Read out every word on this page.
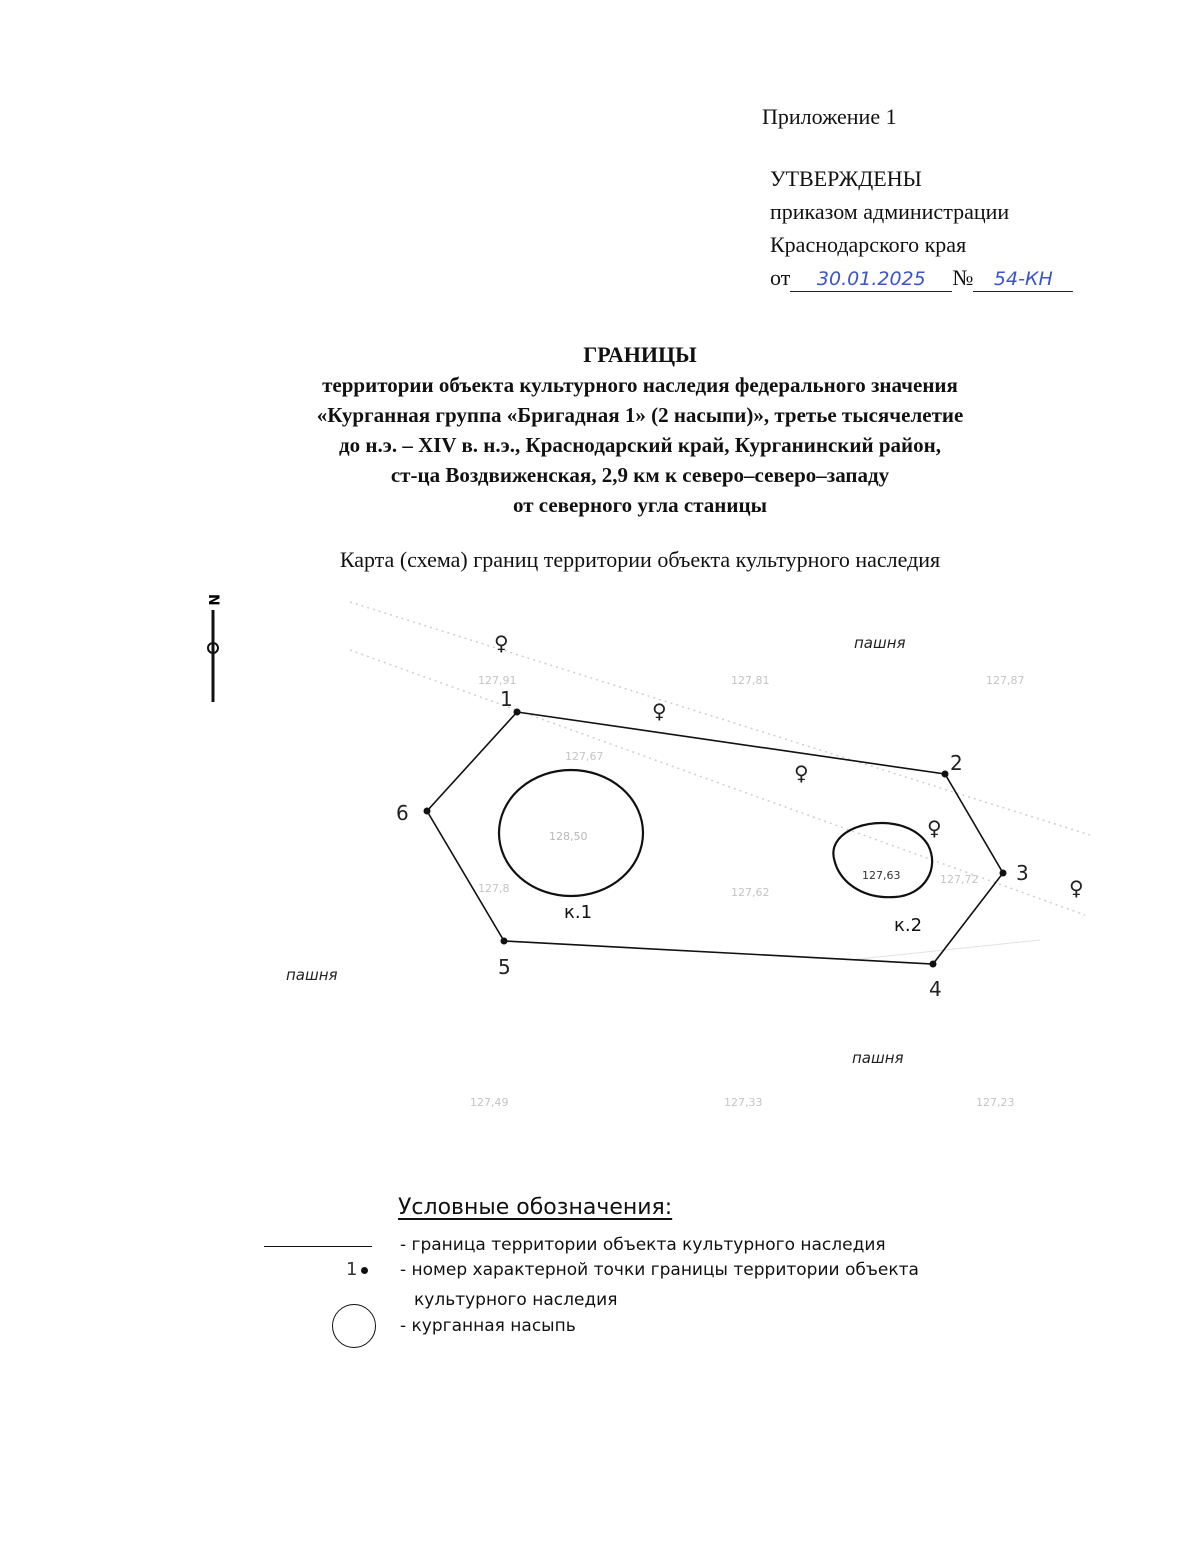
Приложение 1
УТВЕРЖДЕНЫ
приказом администрации
Краснодарского края
от 30.01.2025 № 54-КН
ГРАНИЦЫ
территории объекта культурного наследия федерального значения
«Курганная группа «Бригадная 1» (2 насыпи)», третье тысячелетие
до н.э. – XIV в. н.э., Краснодарский край, Курганинский район,
ст-ца Воздвиженская, 2,9 км к северо–северо–западу
от северного угла станицы
Карта (схема) границ территории объекта культурного наследия
N
♀
♀
♀
♀
♀
пашня
пашня
пашня
127,91	127,81	127,87
127,67
127,8	127,62
127,72
127,49	127,33	127,23
1
2
3
4
5
6
128,50
127,63
к.1
к.2
Условные обозначения:
- граница территории объекта культурного наследия
1	- номер характерной точки границы территории объекта
культурного наследия
- курганная насыпь
